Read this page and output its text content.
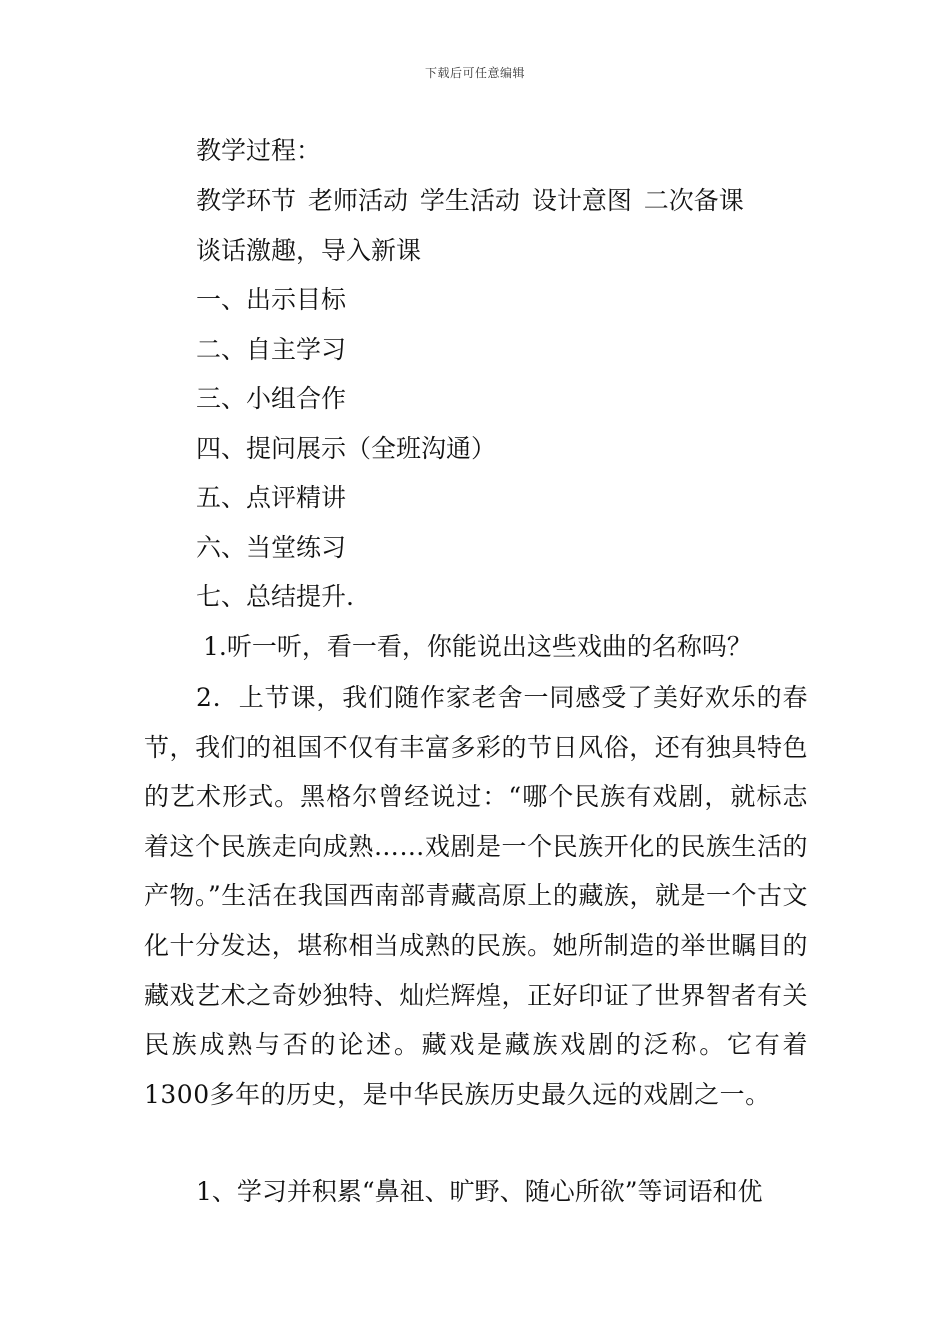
下载后可任意编辑
教学过程：
教学环节 老师活动 学生活动 设计意图 二次备课
谈话激趣，导入新课
一、出示目标
二、自主学习
三、小组合作
四、提问展示（全班沟通）
五、点评精讲
六、当堂练习
七、总结提升.
1.听一听，看一看，你能说出这些戏曲的名称吗？

2．上节课，我们随作家老舍一同感受了美好欢乐的春节，我们的祖国不仅有丰富多彩的节日风俗，还有独具特色的艺术形式。黑格尔曾经说过：“哪个民族有戏剧，就标志着这个民族走向成熟……戏剧是一个民族开化的民族生活的产物。”生活在我国西南部青藏高原上的藏族，就是一个古文化十分发达，堪称相当成熟的民族。她所制造的举世瞩目的藏戏艺术之奇妙独特、灿烂辉煌，正好印证了世界智者有关民族成熟与否的论述。藏戏是藏族戏剧的泛称。它有着1300多年的历史，是中华民族历史最久远的戏剧之一。

1、学习并积累“鼻祖、旷野、随心所欲”等词语和优
